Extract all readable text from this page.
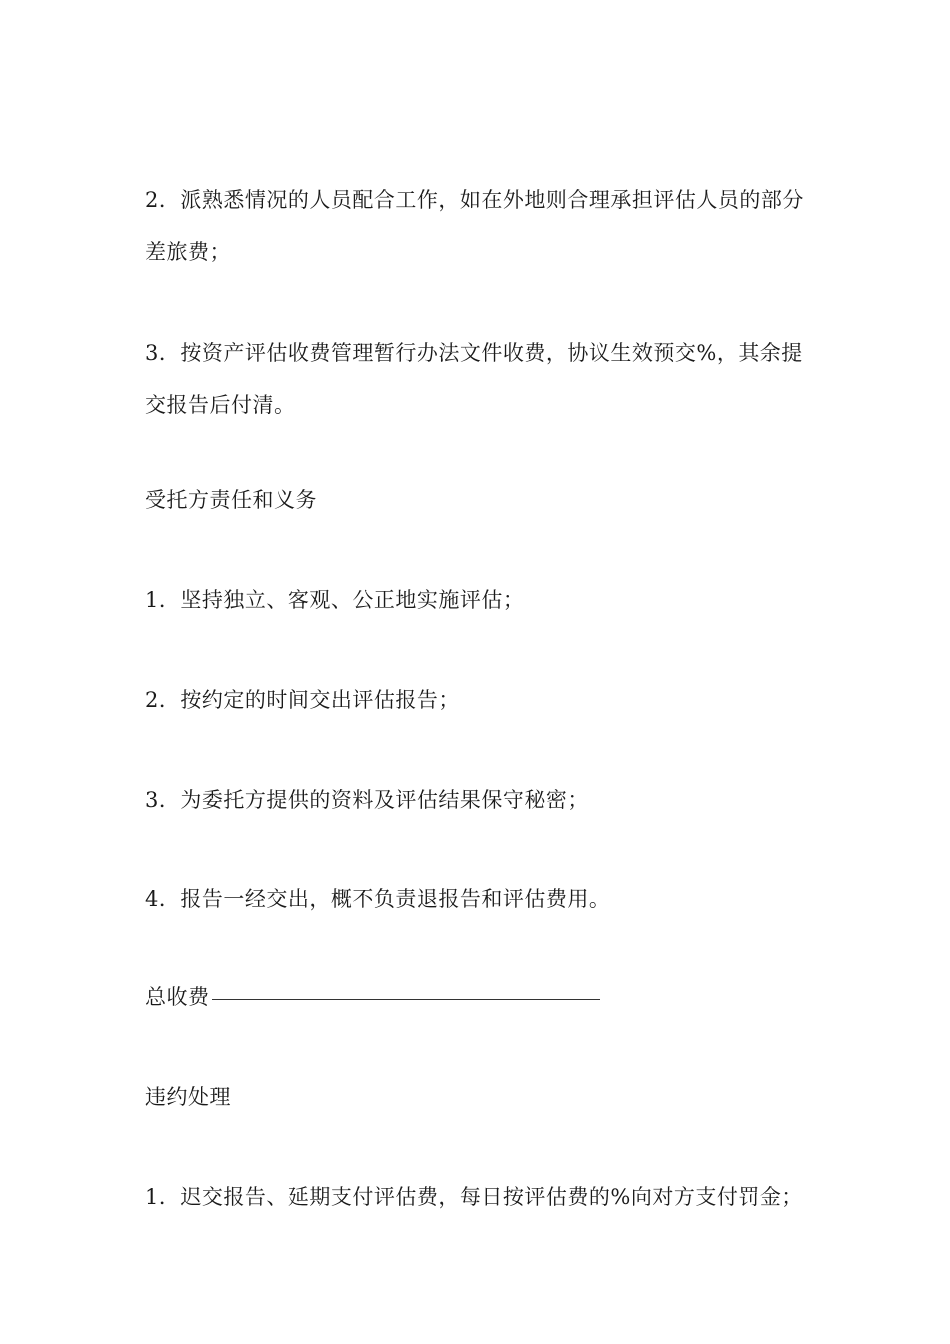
2．派熟悉情况的人员配合工作，如在外地则合理承担评估人员的部分差旅费；
3．按资产评估收费管理暂行办法文件收费，协议生效预交%，其余提交报告后付清。
受托方责任和义务
1．坚持独立、客观、公正地实施评估；
2．按约定的时间交出评估报告；
3．为委托方提供的资料及评估结果保守秘密；
4．报告一经交出，概不负责退报告和评估费用。
总收费
违约处理
1．迟交报告、延期支付评估费，每日按评估费的%向对方支付罚金；
